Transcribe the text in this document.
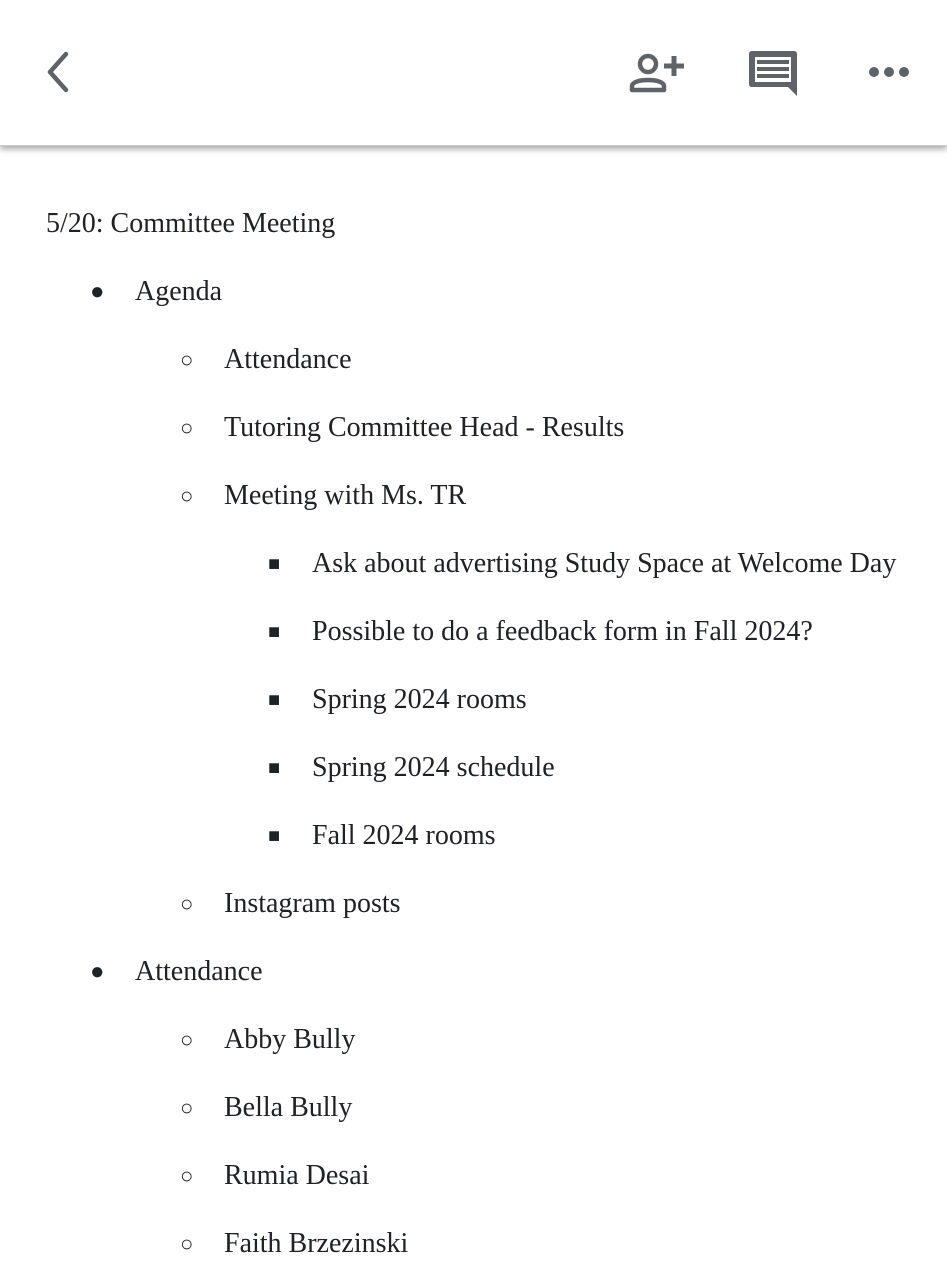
5/20: Committee Meeting
● Agenda
○ Attendance
○ Tutoring Committee Head - Results
○ Meeting with Ms. TR
■ Ask about advertising Study Space at Welcome Day
■ Possible to do a feedback form in Fall 2024?
■ Spring 2024 rooms
■ Spring 2024 schedule
■ Fall 2024 rooms
○ Instagram posts
● Attendance
○ Abby Bully
○ Bella Bully
○ Rumia Desai
○ Faith Brzezinski
